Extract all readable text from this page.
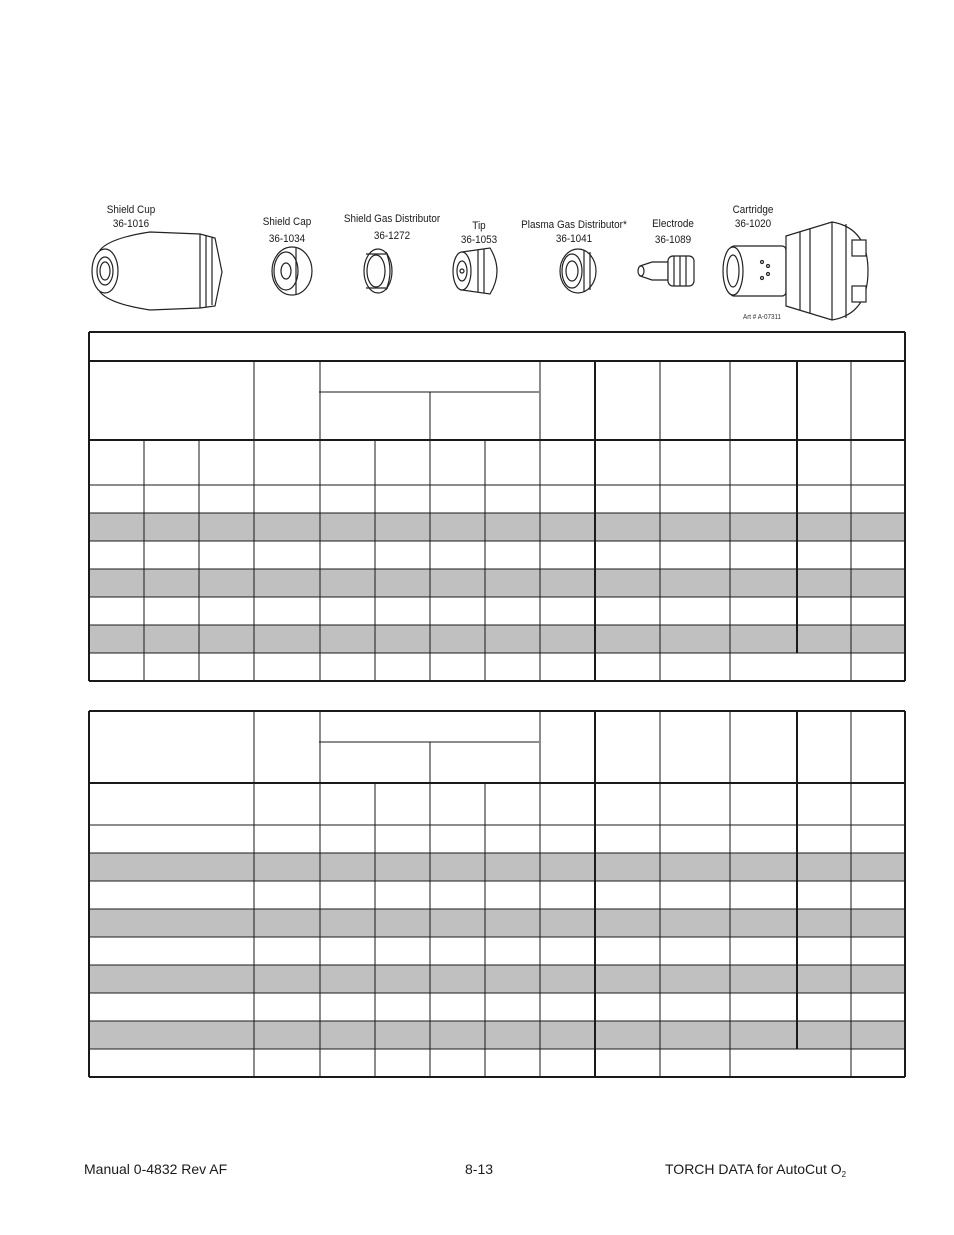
Shield Cup
36-1016	Shield Cap
36-1034
Shield Gas Distributor
36-1272
Tip
36-1053
Plasma Gas Distributor*
36-1041
Electrode
36-1089
Cartridge
36-1020
Art # A-07311
Manual 0-4832 Rev AF	8-13	TORCH DATA for AutoCut $O_2$
